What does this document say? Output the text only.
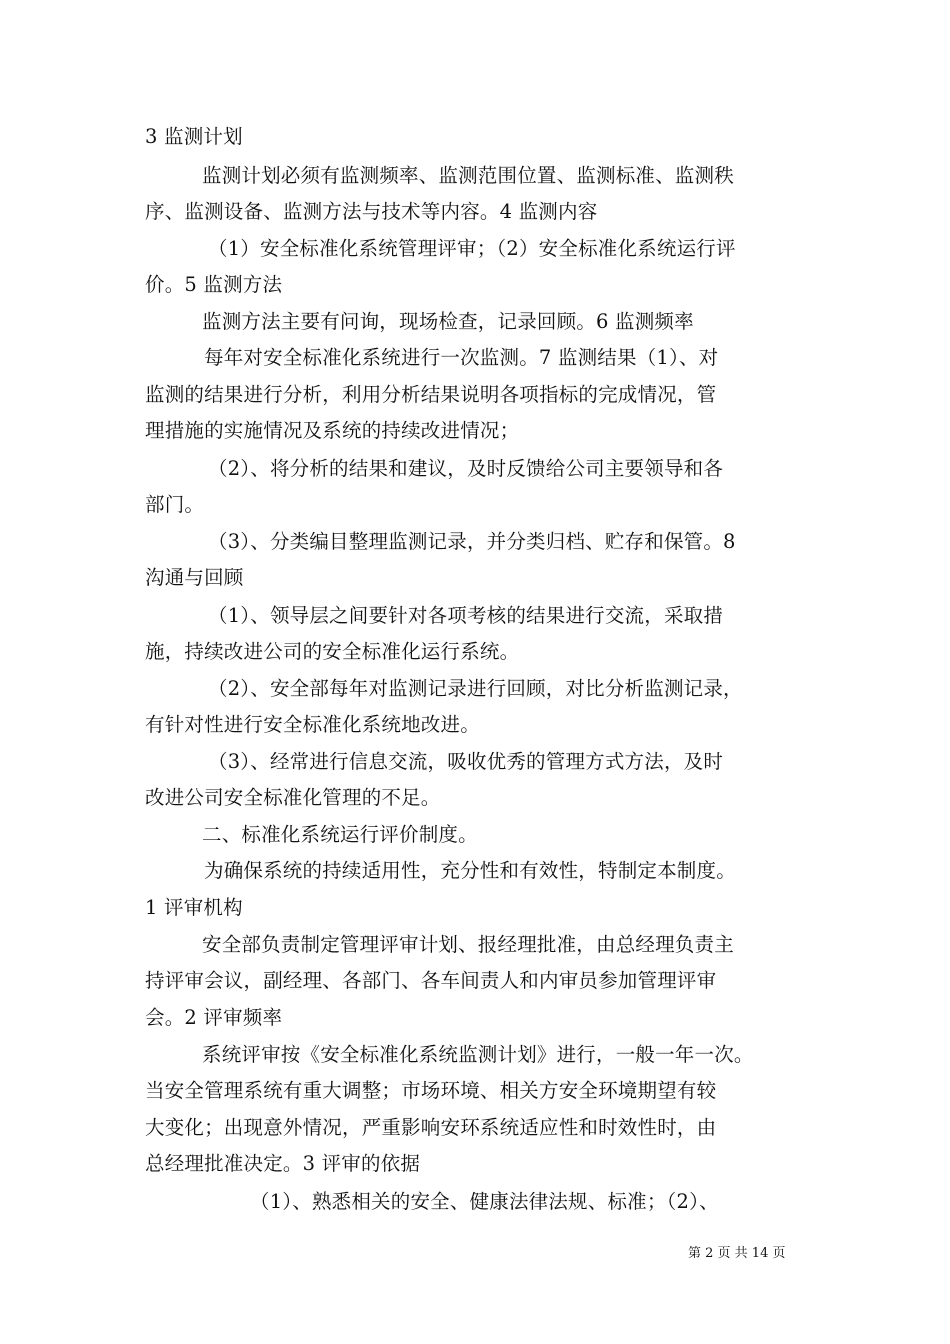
3 监测计划
监测计划必须有监测频率、监测范围位置、监测标准、监测秩
序、监测设备、监测方法与技术等内容。4 监测内容
（1）安全标准化系统管理评审；（2）安全标准化系统运行评
价。5 监测方法
监测方法主要有问询，现场检查，记录回顾。6 监测频率
每年对安全标准化系统进行一次监测。7 监测结果（1）、对
监测的结果进行分析，利用分析结果说明各项指标的完成情况，管
理措施的实施情况及系统的持续改进情况；
（2）、将分析的结果和建议，及时反馈给公司主要领导和各
部门。
（3）、分类编目整理监测记录，并分类归档、贮存和保管。8
沟通与回顾
（1）、领导层之间要针对各项考核的结果进行交流，采取措
施，持续改进公司的安全标准化运行系统。
（2）、安全部每年对监测记录进行回顾，对比分析监测记录，
有针对性进行安全标准化系统地改进。
（3）、经常进行信息交流，吸收优秀的管理方式方法，及时
改进公司安全标准化管理的不足。
二、标准化系统运行评价制度。
为确保系统的持续适用性，充分性和有效性，特制定本制度。
1 评审机构
安全部负责制定管理评审计划、报经理批准，由总经理负责主
持评审会议，副经理、各部门、各车间责人和内审员参加管理评审
会。2 评审频率
系统评审按《安全标准化系统监测计划》进行，一般一年一次。
当安全管理系统有重大调整；市场环境、相关方安全环境期望有较
大变化；出现意外情况，严重影响安环系统适应性和时效性时，由
总经理批准决定。3 评审的依据
（1）、熟悉相关的安全、健康法律法规、标准；（2）、
第 2 页 共 14 页
